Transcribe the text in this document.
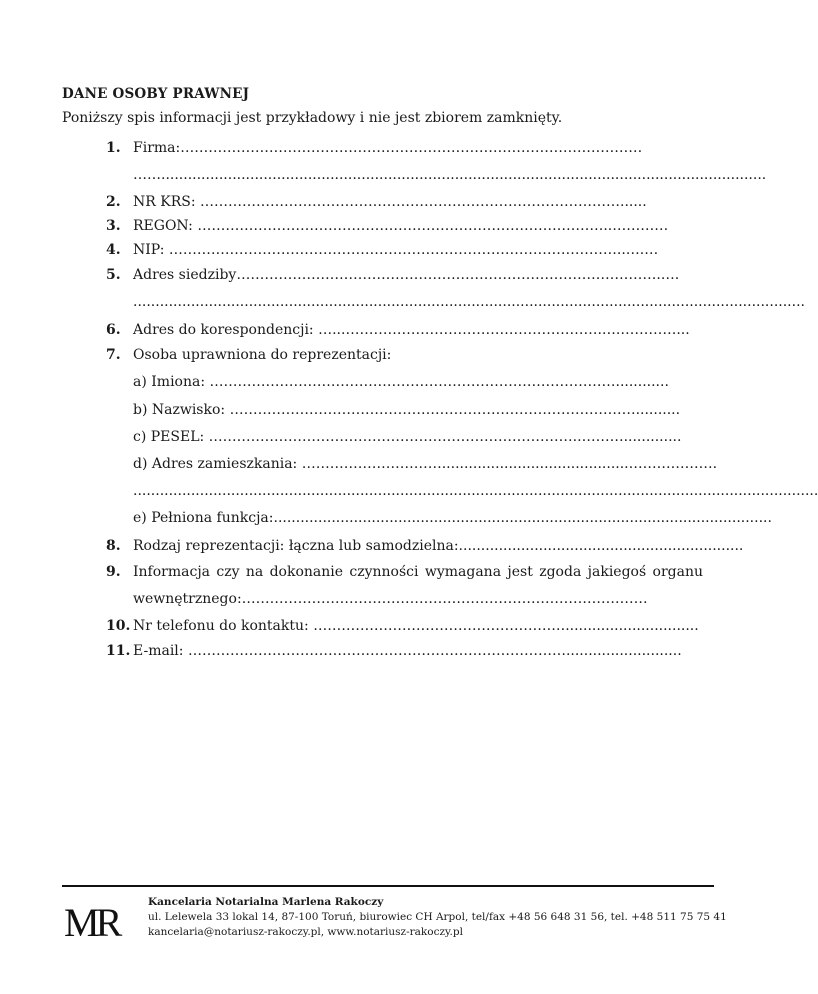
DANE OSOBY PRAWNEJ
Poniższy spis informacji jest przykładowy i nie jest zbiorem zamknięty.
1. Firma:………………………………………………………………………………………
……........................................................................................................................................
2. NR KRS: ………………………………………………………………………………......
3. REGON: ……………………………………………………………………………..…………
4. NIP: ……………………………………………………………………………………..….…
5. Adres siedziby……………………………………………………………………………….….
.......................................................................................................................................................
6. Adres do korespondencji: …...……………………………………………….….…………...
7. Osoba uprawniona do reprezentacji:
a) Imiona: ……………………………………………………………………………............
b) Nazwisko: ……………………………………………………………………………..........
c) PESEL: ……………………………………………………………………..……….............
d) Adres zamieszkania: …………………………..........................................……………….
..........................................................................................................................................................
e) Pełniona funkcja:................................................................................................................
8. Rodzaj reprezentacji: łączna lub samodzielna:................................................................
9. Informacja czy na dokonanie czynności wymagana jest zgoda jakiegoś organu
wewnętrznego:……………………………………………………………………………
10. Nr telefonu do kontaktu: ………………………………………………..............................
11. E-mail: ………………………………………………………………………..........................
MR	Kancelaria Notarialna Marlena Rakoczy
ul. Lelewela 33 lokal 14, 87-100 Toruń, biurowiec CH Arpol, tel/fax +48 56 648 31 56, tel. +48 511 75 75 41
kancelaria@notariusz-rakoczy.pl, www.notariusz-rakoczy.pl
